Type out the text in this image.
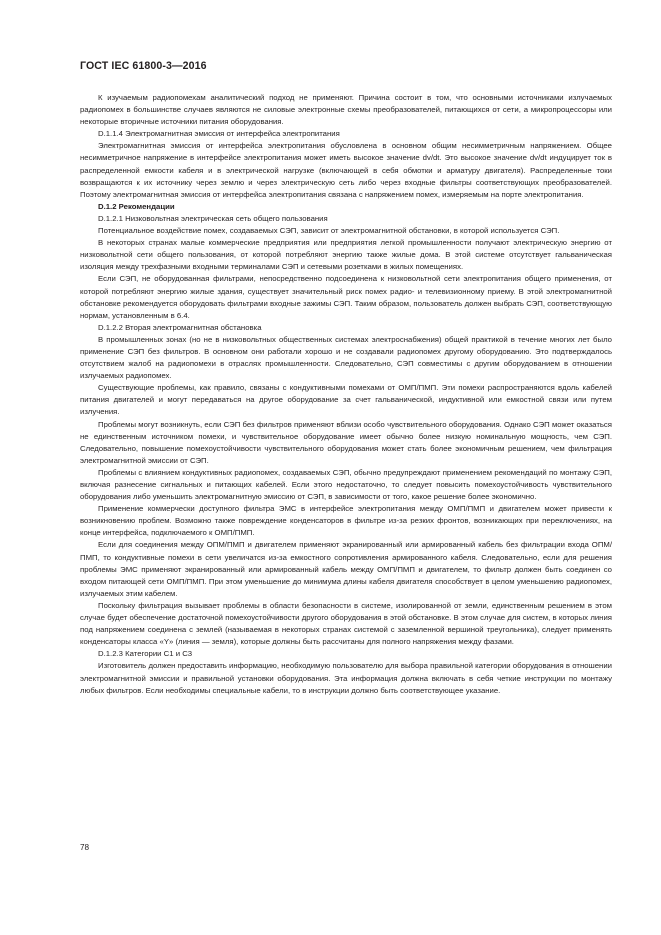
ГОСТ IEC 61800-3—2016

К изучаемым радиопомехам аналитический подход не применяют. Причина состоит в том, что основными источниками излучаемых радиопомех в большинстве случаев являются не силовые электронные схемы преобразователей, питающихся от сети, а микропроцессоры или некоторые вторичные источники питания оборудования.

D.1.1.4 Электромагнитная эмиссия от интерфейса электропитания

Электромагнитная эмиссия от интерфейса электропитания обусловлена в основном общим несимметричным напряжением. Общее несимметричное напряжение в интерфейсе электропитания может иметь высокое значение dv/dt. Это высокое значение dv/dt индуцирует ток в распределенной емкости кабеля и в электрической нагрузке (включающей в себя обмотки и арматуру двигателя). Распределенные токи возвращаются к их источнику через землю и через электрическую сеть либо через входные фильтры соответствующих преобразователей. Поэтому электромагнитная эмиссия от интерфейса электропитания связана с напряжением помех, измеряемым на порте электропитания.

D.1.2 Рекомендации

D.1.2.1 Низковольтная электрическая сеть общего пользования

Потенциальное воздействие помех, создаваемых СЭП, зависит от электромагнитной обстановки, в которой используется СЭП.

В некоторых странах малые коммерческие предприятия или предприятия легкой промышленности получают электрическую энергию от низковольтной сети общего пользования, от которой потребляют энергию также жилые дома. В этой системе отсутствует гальваническая изоляция между трехфазными входными терминалами СЭП и сетевыми розетками в жилых помещениях.

Если СЭП, не оборудованная фильтрами, непосредственно подсоединена к низковольтной сети электропитания общего применения, от которой потребляют энергию жилые здания, существует значительный риск помех радио- и телевизионному приему. В этой электромагнитной обстановке рекомендуется оборудовать фильтрами входные зажимы СЭП. Таким образом, пользователь должен выбрать СЭП, соответствующую нормам, установленным в 6.4.

D.1.2.2 Вторая электромагнитная обстановка

В промышленных зонах (но не в низковольтных общественных системах электроснабжения) общей практикой в течение многих лет было применение СЭП без фильтров. В основном они работали хорошо и не создавали радиопомех другому оборудованию. Это подтверждалось отсутствием жалоб на радиопомехи в отраслях промышленности. Следовательно, СЭП совместимы с другим оборудованием в отношении излучаемых радиопомех.

Существующие проблемы, как правило, связаны с кондуктивными помехами от ОМП/ПМП. Эти помехи распространяются вдоль кабелей питания двигателей и могут передаваться на другое оборудование за счет гальванической, индуктивной или емкостной связи или путем излучения.

Проблемы могут возникнуть, если СЭП без фильтров применяют вблизи особо чувствительного оборудования. Однако СЭП может оказаться не единственным источником помехи, и чувствительное оборудование имеет обычно более низкую номинальную мощность, чем СЭП. Следовательно, повышение помехоустойчивости чувствительного оборудования может стать более экономичным решением, чем фильтрация электромагнитной эмиссии от СЭП.

Проблемы с влиянием кондуктивных радиопомех, создаваемых СЭП, обычно предупреждают применением рекомендаций по монтажу СЭП, включая разнесение сигнальных и питающих кабелей. Если этого недостаточно, то следует повысить помехоустойчивость чувствительного оборудования либо уменьшить электромагнитную эмиссию от СЭП, в зависимости от того, какое решение более экономично.

Применение коммерчески доступного фильтра ЭМС в интерфейсе электропитания между ОМП/ПМП и двигателем может привести к возникновению проблем. Возможно также повреждение конденсаторов в фильтре из-за резких фронтов, возникающих при переключениях, на конце интерфейса, подключаемого к ОМП/ПМП.

Если для соединения между ОПМ/ПМП и двигателем применяют экранированный или армированный кабель без фильтрации входа ОПМ/ПМП, то кондуктивные помехи в сети увеличатся из-за емкостного сопротивления армированного кабеля. Следовательно, если для решения проблемы ЭМС применяют экранированный или армированный кабель между ОМП/ПМП и двигателем, то фильтр должен быть соединен со входом питающей сети ОМП/ПМП. При этом уменьшение до минимума длины кабеля двигателя способствует в целом уменьшению радиопомех, излучаемых этим кабелем.

Поскольку фильтрация вызывает проблемы в области безопасности в системе, изолированной от земли, единственным решением в этом случае будет обеспечение достаточной помехоустойчивости другого оборудования в этой обстановке. В этом случае для систем, в которых линия под напряжением соединена с землей (называемая в некоторых странах системой с заземленной вершиной треугольника), следует применять конденсаторы класса «Y» (линия — земля), которые должны быть рассчитаны для полного напряжения между фазами.

D.1.2.3 Категории С1 и С3

Изготовитель должен предоставить информацию, необходимую пользователю для выбора правильной категории оборудования в отношении электромагнитной эмиссии и правильной установки оборудования. Эта информация должна включать в себя четкие инструкции по монтажу любых фильтров. Если необходимы специальные кабели, то в инструкции должно быть соответствующее указание.

78
